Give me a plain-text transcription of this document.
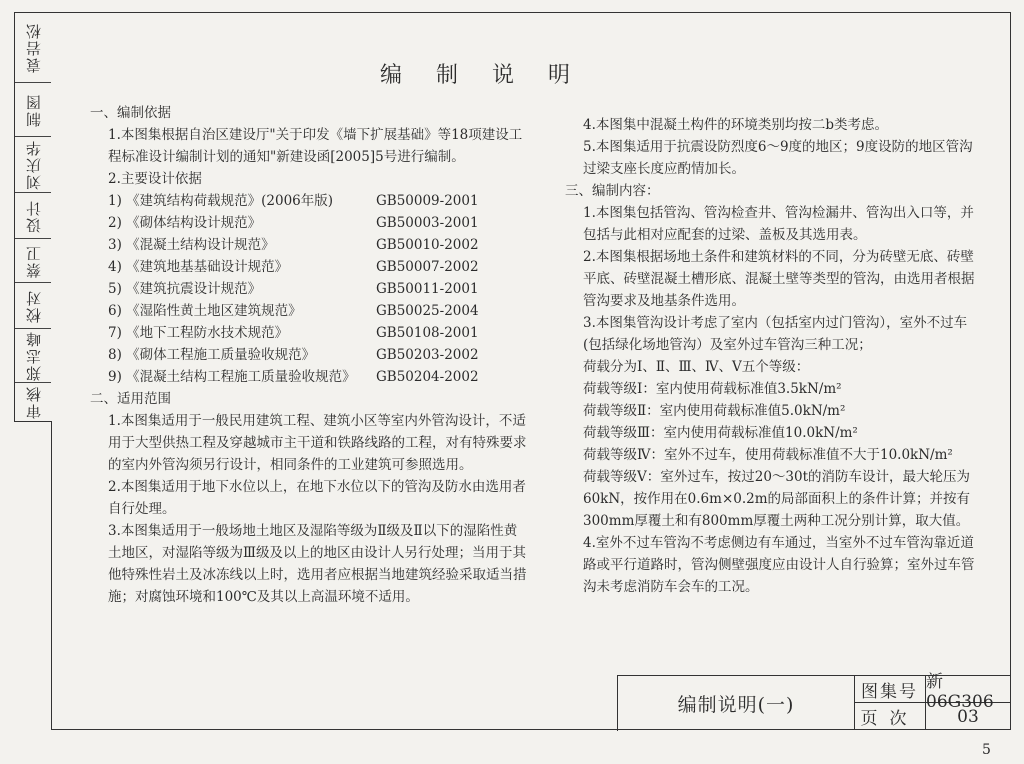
袁岩松
制图
刘庆华
设计
蔡卫
校对
郑志峰
审核
编制说明

一、编制依据

1.本图集根据自治区建设厅"关于印发《墙下扩展基础》等18项建设工程标准设计编制计划的通知"新建设函[2005]5号进行编制。

2.主要设计依据

1) 《建筑结构荷载规范》(2006年版)	GB50009-2001
2) 《砌体结构设计规范》	GB50003-2001
3) 《混凝土结构设计规范》	GB50010-2002
4) 《建筑地基基础设计规范》	GB50007-2002
5) 《建筑抗震设计规范》	GB50011-2001
6) 《湿陷性黄土地区建筑规范》	GB50025-2004
7) 《地下工程防水技术规范》	GB50108-2001
8) 《砌体工程施工质量验收规范》	GB50203-2002
9) 《混凝土结构工程施工质量验收规范》	GB50204-2002

二、适用范围

1.本图集适用于一般民用建筑工程、建筑小区等室内外管沟设计，不适用于大型供热工程及穿越城市主干道和铁路线路的工程，对有特殊要求的室内外管沟须另行设计，相同条件的工业建筑可参照选用。

2.本图集适用于地下水位以上，在地下水位以下的管沟及防水由选用者自行处理。

3.本图集适用于一般场地土地区及湿陷等级为Ⅱ级及Ⅱ以下的湿陷性黄土地区，对湿陷等级为Ⅲ级及以上的地区由设计人另行处理；当用于其他特殊性岩土及冰冻线以上时，选用者应根据当地建筑经验采取适当措施；对腐蚀环境和100℃及其以上高温环境不适用。

4.本图集中混凝土构件的环境类别均按二b类考虑。

5.本图集适用于抗震设防烈度6～9度的地区；9度设防的地区管沟过梁支座长度应酌情加长。

三、编制内容：

1.本图集包括管沟、管沟检查井、管沟检漏井、管沟出入口等，并包括与此相对应配套的过梁、盖板及其选用表。

2.本图集根据场地土条件和建筑材料的不同，分为砖壁无底、砖壁平底、砖壁混凝土槽形底、混凝土壁等类型的管沟，由选用者根据管沟要求及地基条件选用。

3.本图集管沟设计考虑了室内（包括室内过门管沟），室外不过车(包括绿化场地管沟）及室外过车管沟三种工况；

荷载分为Ⅰ、Ⅱ、Ⅲ、Ⅳ、Ⅴ五个等级：

荷载等级Ⅰ：室内使用荷载标准值3.5kN/m²

荷载等级Ⅱ：室内使用荷载标准值5.0kN/m²

荷载等级Ⅲ：室内使用荷载标准值10.0kN/m²

荷载等级Ⅳ：室外不过车，使用荷载标准值不大于10.0kN/m²

荷载等级Ⅴ：室外过车，按过20～30t的消防车设计，最大轮压为60kN，按作用在0.6m×0.2m的局部面积上的条件计算；并按有300mm厚覆土和有800mm厚覆土两种工况分别计算，取大值。

4.室外不过车管沟不考虑侧边有车通过，当室外不过车管沟靠近道路或平行道路时，管沟侧壁强度应由设计人自行验算；室外过车管沟未考虑消防车会车的工况。

编制说明(一)
图集号 新06G306
页次	03
5
